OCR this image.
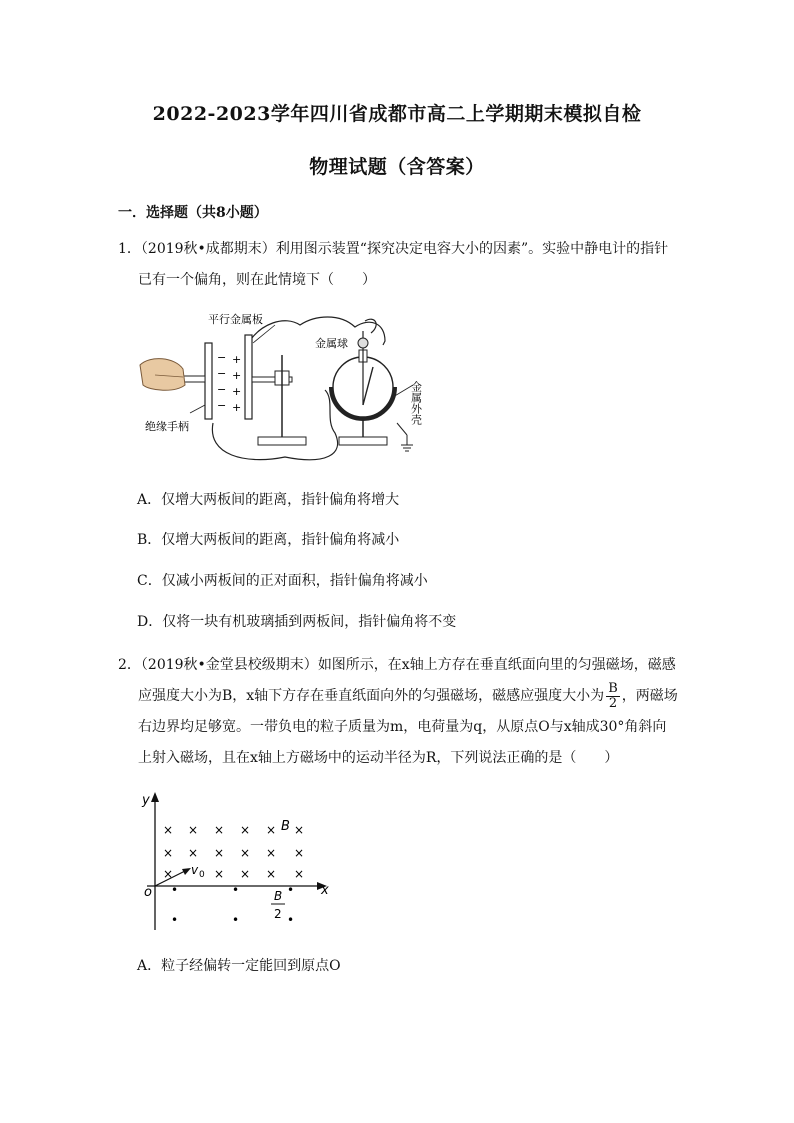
2022-2023学年四川省成都市高二上学期期末模拟自检
物理试题（含答案）
一．选择题（共8小题）
1．（2019秋•成都期末）利用图示装置“探究决定电容大小的因素”。实验中静电计的指针
已有一个偏角，则在此情境下（　　）
−
−
−
−
+
+
+
+
平行金属板
金属球
绝缘手柄
金属外壳
A．仅增大两板间的距离，指针偏角将增大
B．仅增大两板间的距离，指针偏角将减小
C．仅减小两板间的正对面积，指针偏角将减小
D．仅将一块有机玻璃插到两板间，指针偏角将不变
2．（2019秋•金堂县校级期末）如图所示，在x轴上方存在垂直纸面向里的匀强磁场，磁感
应强度大小为B，x轴下方存在垂直纸面向外的匀强磁场，磁感应强度大小为 $\frac{B}{2}$ ，两磁场
右边界均足够宽。一带负电的粒子质量为m，电荷量为q，从原点O与x轴成30°角斜向
上射入磁场，且在x轴上方磁场中的运动半径为R，下列说法正确的是（　　）
y
x
o
× × × × × ×
× × × × × ×
×	× × × ×
B
v 0
•	•	•
•	•	•
B
2
A．粒子经偏转一定能回到原点O
